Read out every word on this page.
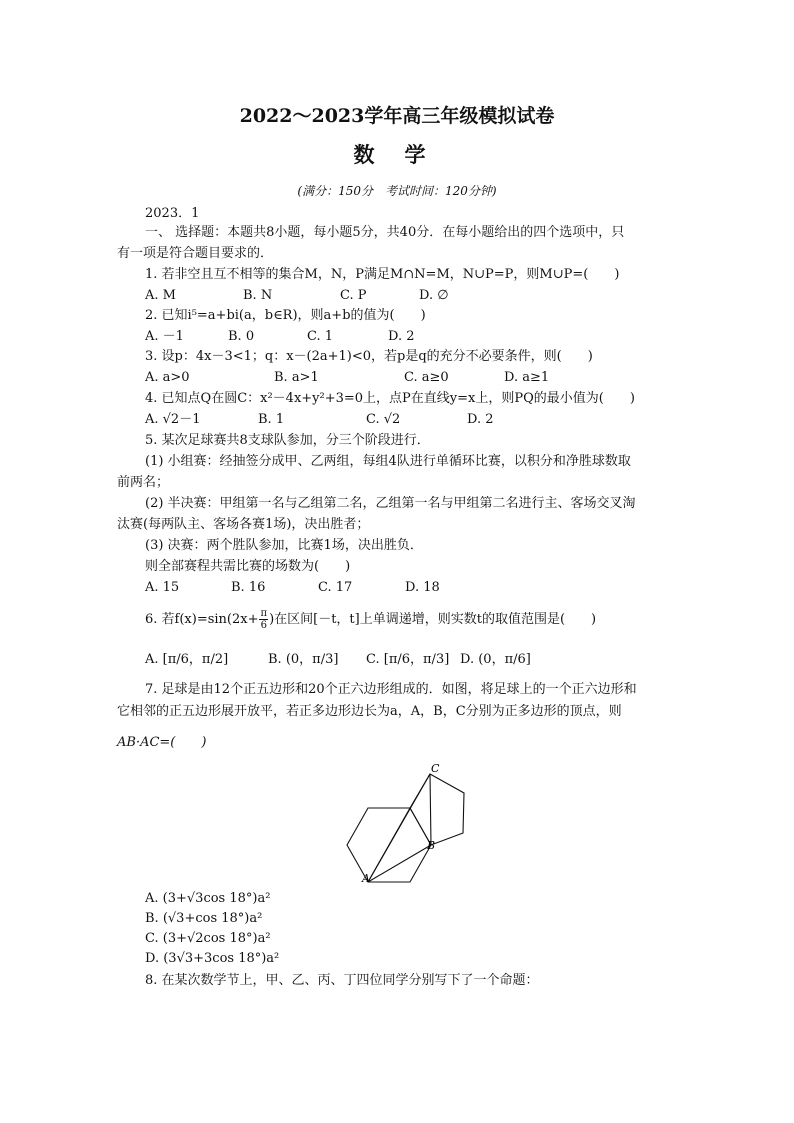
2022～2023学年高三年级模拟试卷
数学
(满分：150分　考试时间：120分钟)
2023．1
一、 选择题：本题共8小题，每小题5分，共40分．在每小题给出的四个选项中，只
有一项是符合题目要求的．
1. 若非空且互不相等的集合M，N，P满足M∩N=M，N∪P=P，则M∪P=(　　)
A. M	B. N	C. P	D. ∅
2. 已知i⁵=a+bi(a，b∈R)，则a+b的值为(　　)
A. －1	B. 0	C. 1	D. 2
3. 设p：4x－3<1；q：x－(2a+1)<0，若p是q的充分不必要条件，则(　　)
A. a>0	B. a>1	C. a≥0	D. a≥1
4. 已知点Q在圆C：x²－4x+y²+3=0上，点P在直线y=x上，则PQ的最小值为(　　)
A. √2－1	B. 1	C. √2	D. 2
5. 某次足球赛共8支球队参加，分三个阶段进行．
(1) 小组赛：经抽签分成甲、乙两组，每组4队进行单循环比赛，以积分和净胜球数取
前两名；
(2) 半决赛：甲组第一名与乙组第二名，乙组第一名与甲组第二名进行主、客场交叉淘
汰赛(每两队主、客场各赛1场)，决出胜者；
(3) 决赛：两个胜队参加，比赛1场，决出胜负．
则全部赛程共需比赛的场数为(　　)
A. 15	B. 16	C. 17	D. 18
6. 若$f(x)=\sin(2x+ \frac{\pi}{6}$ )在区间[－t，t]上单调递增，则实数t的取值范围是(　　)
A. [π/6，π/2]	B. (0，π/3] C. [π/6，π/3] D. (0，π/6]
7. 足球是由12个正五边形和20个正六边形组成的．如图，将足球上的一个正六边形和
它相邻的正五边形展开放平，若正多边形边长为a，A，B，C分别为正多边形的顶点，则
AB·AC=(　　)
C
B
A
A. (3+√3cos 18°)a²
B. (√3+cos 18°)a²
C. (3+√2cos 18°)a²
D. (3√3+3cos 18°)a²
8. 在某次数学节上，甲、乙、丙、丁四位同学分别写下了一个命题：
